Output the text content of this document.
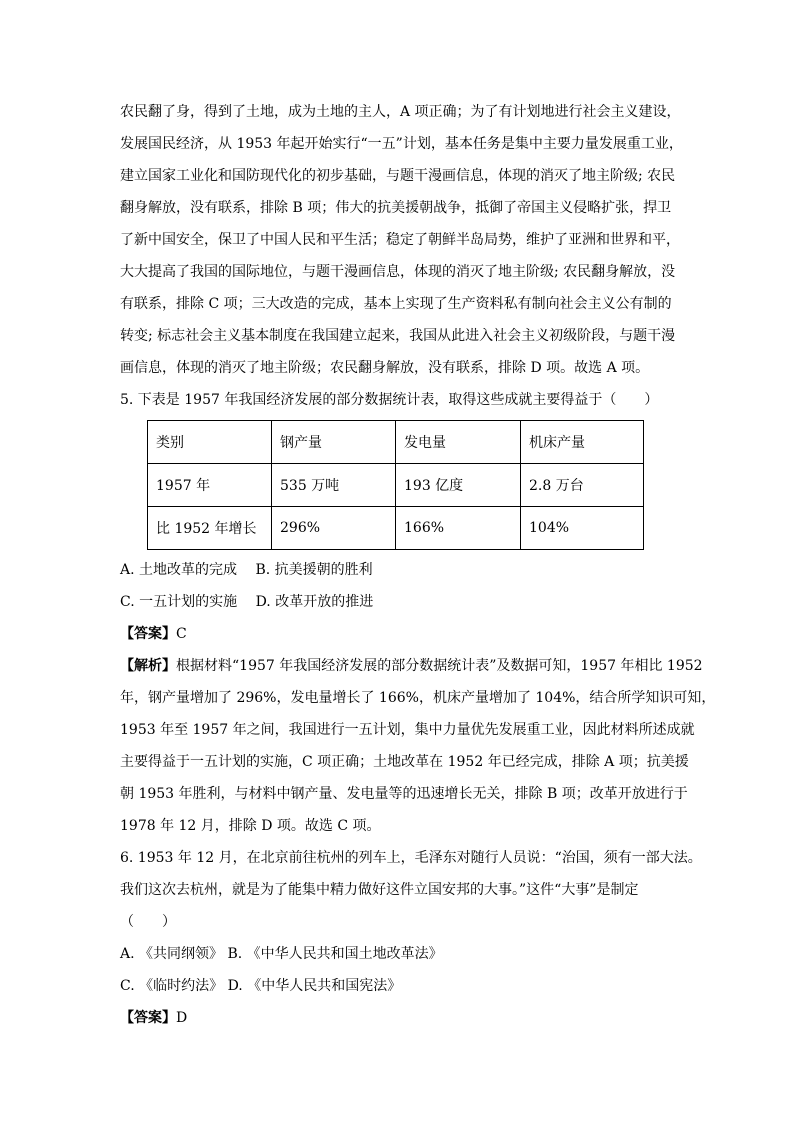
农民翻了身，得到了土地，成为土地的主人，A 项正确；为了有计划地进行社会主义建设，
发展国民经济，从 1953 年起开始实行“一五”计划，基本任务是集中主要力量发展重工业，
建立国家工业化和国防现代化的初步基础，与题干漫画信息，体现的消灭了地主阶级; 农民
翻身解放，没有联系，排除 B 项；伟大的抗美援朝战争，抵御了帝国主义侵略扩张，捍卫
了新中国安全，保卫了中国人民和平生活；稳定了朝鲜半岛局势，维护了亚洲和世界和平，
大大提高了我国的国际地位，与题干漫画信息，体现的消灭了地主阶级; 农民翻身解放，没
有联系，排除 C 项；三大改造的完成，基本上实现了生产资料私有制向社会主义公有制的
转变; 标志社会主义基本制度在我国建立起来，我国从此进入社会主义初级阶段，与题干漫
画信息，体现的消灭了地主阶级；农民翻身解放，没有联系，排除 D 项。故选 A 项。
5. 下表是 1957 年我国经济发展的部分数据统计表，取得这些成就主要得益于（　　）
类别	钢产量	发电量	机床产量
1957 年	535 万吨	193 亿度	2.8 万台
比 1952 年增长	296%	166%	104%
A. 土地改革的完成　 B. 抗美援朝的胜利
C. 一五计划的实施　 D. 改革开放的推进
【答案】C
【解析】根据材料“1957 年我国经济发展的部分数据统计表”及数据可知，1957 年相比 1952
年，钢产量增加了 296%，发电量增长了 166%，机床产量增加了 104%，结合所学知识可知，
1953 年至 1957 年之间，我国进行一五计划，集中力量优先发展重工业，因此材料所述成就
主要得益于一五计划的实施，C 项正确；土地改革在 1952 年已经完成，排除 A 项；抗美援
朝 1953 年胜利，与材料中钢产量、发电量等的迅速增长无关，排除 B 项；改革开放进行于
1978 年 12 月，排除 D 项。故选 C 项。
6. 1953 年 12 月，在北京前往杭州的列车上，毛泽东对随行人员说：“治国，须有一部大法。
我们这次去杭州，就是为了能集中精力做好这件立国安邦的大事。”这件“大事”是制定
（　　）
A. 《共同纲领》 B. 《中华人民共和国土地改革法》
C. 《临时约法》 D. 《中华人民共和国宪法》
【答案】D
